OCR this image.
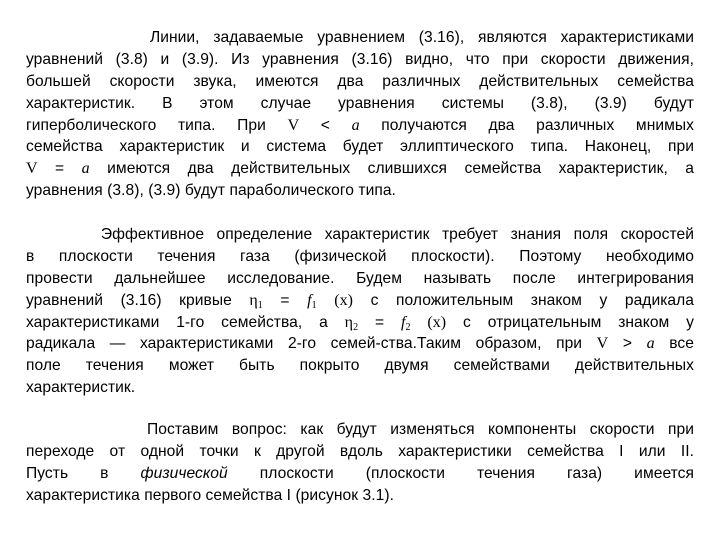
Линии, задаваемые уравнением (3.16), являются характеристиками
уравнений (3.8) и (3.9). Из уравнения (3.16) видно, что при скорости движения,
большей скорости звука, имеются два различных действительных семейства
характеристик. В этом случае уравнения системы (3.8), (3.9) будут
гиперболического типа. При V < a получаются два различных мнимых
семейства характеристик и система будет эллиптического типа. Наконец, при
V = a имеются два действительных слившихся семейства характеристик, а
уравнения (3.8), (3.9) будут параболического типа.

Эффективное определение характеристик требует знания поля скоростей
в плоскости течения газа (физической плоскости). Поэтому необходимо
провести дальнейшее исследование. Будем называть после интегрирования
уравнений (3.16) кривые $\eta_1 = f_1$ (x) с положительным знаком у радикала
характеристиками 1-го семейства, а $\eta_2 = f_2$ (x) с отрицательным знаком у
радикала — характеристиками 2-го семей-ства.Таким образом, при V > a все
поле течения может быть покрыто двумя семействами действительных
характеристик.

Поставим вопрос: как будут изменяться компоненты скорости при
переходе от одной точки к другой вдоль характеристики семейства I или II.
Пусть в физической плоскости (плоскости течения газа) имеется
характеристика первого семейства I (рисунок 3.1).
